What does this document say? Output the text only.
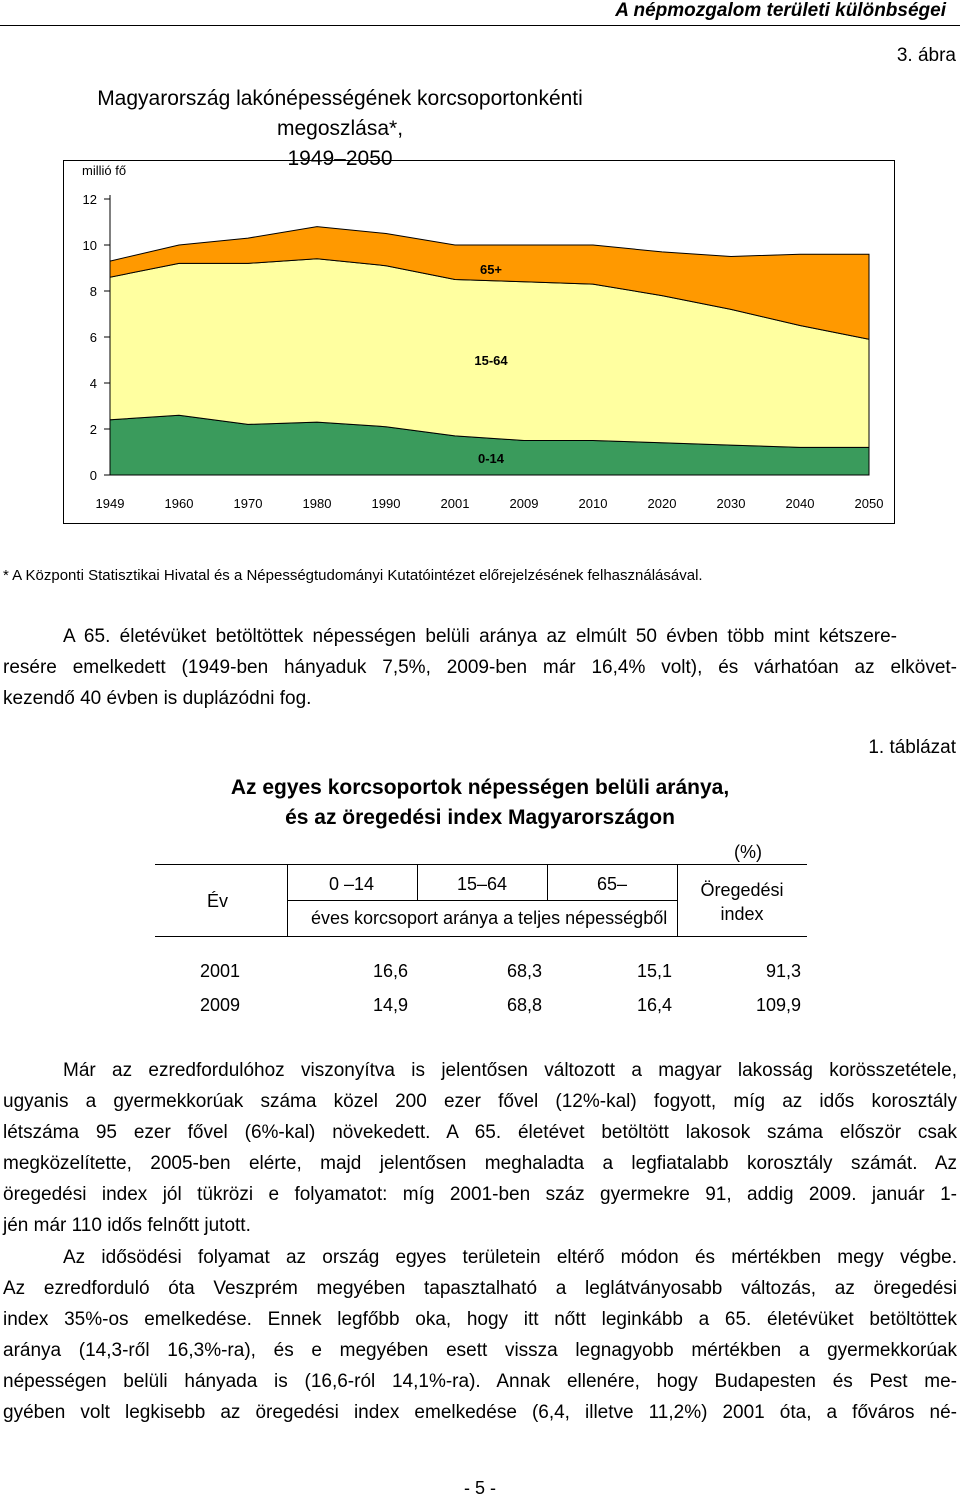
A népmozgalom területi különbségei
3. ábra
Magyarország lakónépességének korcsoportonkénti megoszlása*,
1949–2050
millió fő
0
2
4
6
8
10
12
1949	1960	1970	1980	1990	2001	2009	2010	2020	2030	2040	2050
0-14
15-64
65+
* A Központi Statisztikai Hivatal és a Népességtudományi Kutatóintézet előrejelzésének felhasználásával.
A 65. életévüket betöltöttek népességen belüli aránya az elmúlt 50 évben több mint kétszere-
resére emelkedett (1949-ben hányaduk 7,5%, 2009-ben már 16,4% volt), és várhatóan az elkövet-
kezendő 40 évben is duplázódni fog.
1. táblázat
Az egyes korcsoportok népességen belüli aránya,
és az öregedési index Magyarországon
(%)
Év
0 –14	15–64	65–
éves korcsoport aránya a teljes népességből
Öregedési
index
2001	16,6	68,3	15,1	91,3
2009	14,9	68,8	16,4	109,9
Már az ezredfordulóhoz viszonyítva is jelentősen változott a magyar lakosság korösszetétele,
ugyanis a gyermekkorúak száma közel 200 ezer fővel (12%-kal) fogyott, míg az idős korosztály
létszáma 95 ezer fővel (6%-kal) növekedett. A 65. életévet betöltött lakosok száma először csak
megközelítette, 2005-ben elérte, majd jelentősen meghaladta a legfiatalabb korosztály számát. Az
öregedési index jól tükrözi e folyamatot: míg 2001-ben száz gyermekre 91, addig 2009. január 1-
jén már 110 idős felnőtt jutott.
Az idősödési folyamat az ország egyes területein eltérő módon és mértékben megy végbe.
Az ezredforduló óta Veszprém megyében tapasztalható a leglátványosabb változás, az öregedési
index 35%-os emelkedése. Ennek legfőbb oka, hogy itt nőtt leginkább a 65. életévüket betöltöttek
aránya (14,3-ről 16,3%-ra), és e megyében esett vissza legnagyobb mértékben a gyermekkorúak
népességen belüli hányada is (16,6-ról 14,1%-ra). Annak ellenére, hogy Budapesten és Pest me-
gyében volt legkisebb az öregedési index emelkedése (6,4, illetve 11,2%) 2001 óta, a főváros né-
- 5 -
